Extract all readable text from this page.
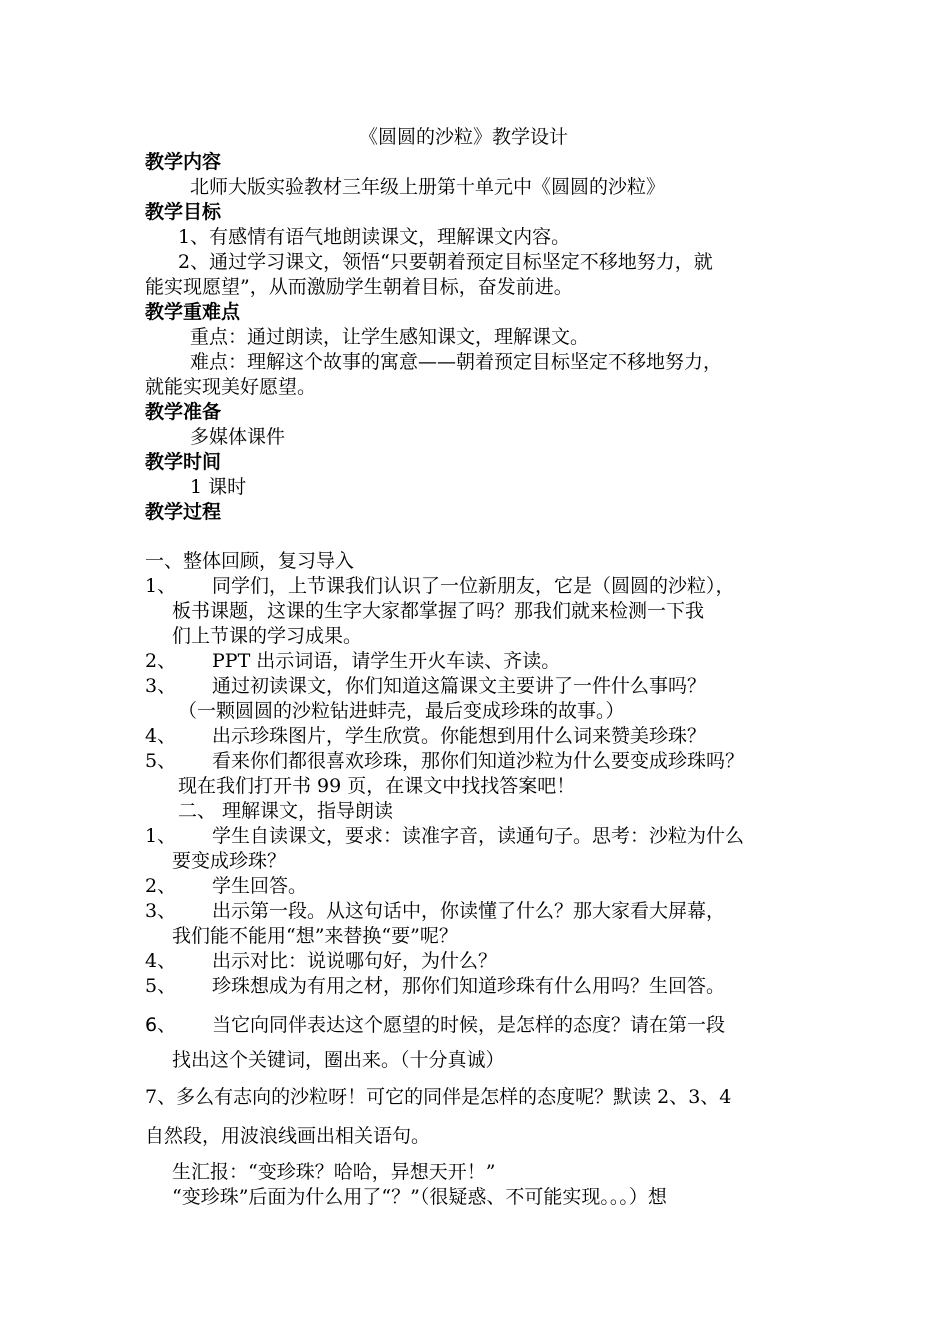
《圆圆的沙粒》教学设计
教学内容
北师大版实验教材三年级上册第十单元中《圆圆的沙粒》
教学目标
1、有感情有语气地朗读课文，理解课文内容。
2、通过学习课文，领悟“只要朝着预定目标坚定不移地努力，就
能实现愿望”，从而激励学生朝着目标，奋发前进。
教学重难点
重点：通过朗读，让学生感知课文，理解课文。
难点：理解这个故事的寓意——朝着预定目标坚定不移地努力，
就能实现美好愿望。
教学准备
多媒体课件
教学时间
1 课时
教学过程
一、整体回顾，复习导入
1、 同学们，上节课我们认识了一位新朋友，它是（圆圆的沙粒），
板书课题，这课的生字大家都掌握了吗？那我们就来检测一下我
们上节课的学习成果。
2、 PPT 出示词语，请学生开火车读、齐读。
3、 通过初读课文，你们知道这篇课文主要讲了一件什么事吗？
（一颗圆圆的沙粒钻进蚌壳，最后变成珍珠的故事。）
4、 出示珍珠图片，学生欣赏。你能想到用什么词来赞美珍珠？
5、 看来你们都很喜欢珍珠，那你们知道沙粒为什么要变成珍珠吗？
现在我们打开书 99 页，在课文中找找答案吧！
二、 理解课文，指导朗读
1、 学生自读课文，要求：读准字音，读通句子。思考：沙粒为什么
要变成珍珠？
2、 学生回答。
3、 出示第一段。从这句话中，你读懂了什么？那大家看大屏幕，
我们能不能用“想”来替换“要”呢？
4、 出示对比：说说哪句好，为什么？
5、 珍珠想成为有用之材，那你们知道珍珠有什么用吗？生回答。
6、 当它向同伴表达这个愿望的时候，是怎样的态度？请在第一段
找出这个关键词，圈出来。（十分真诚）
7、多么有志向的沙粒呀！可它的同伴是怎样的态度呢？默读 2、3、4
自然段，用波浪线画出相关语句。
生汇报：“变珍珠？哈哈，异想天开！”
“变珍珠”后面为什么用了“？”（很疑惑、不可能实现。。。）想
